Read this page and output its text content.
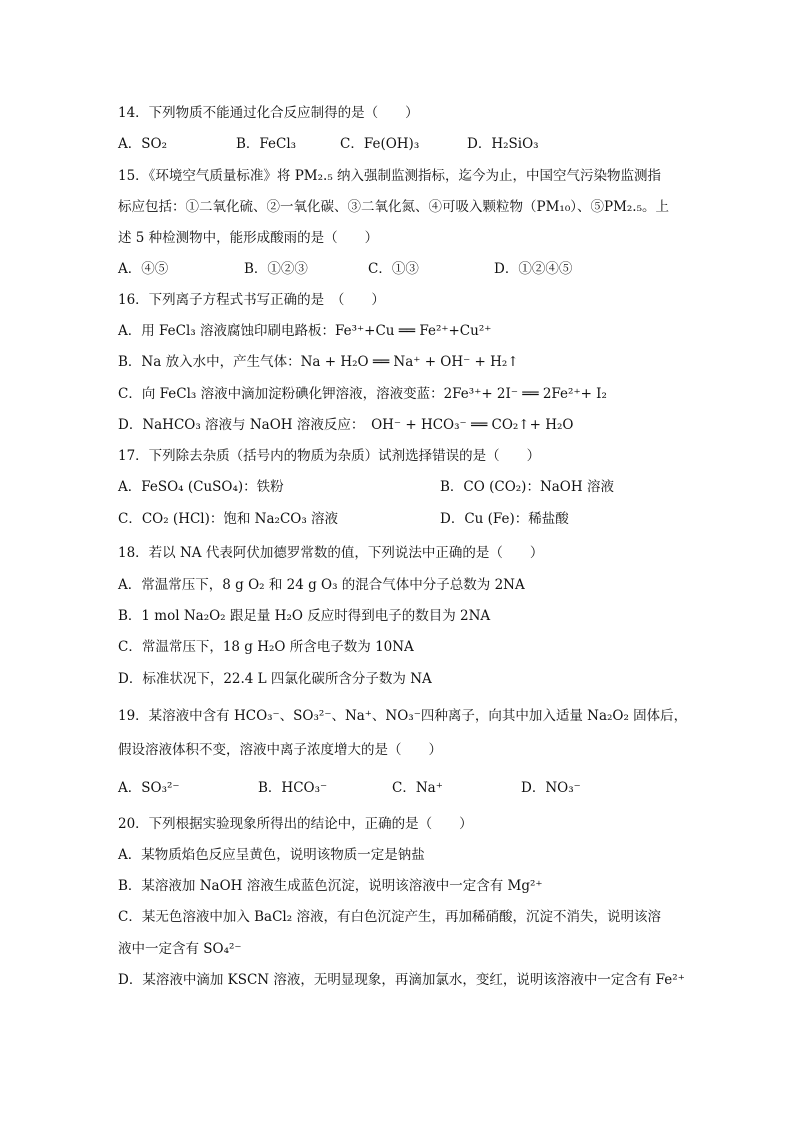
14．下列物质不能通过化合反应制得的是（　　）
A．SO₂	B．FeCl₃	C．Fe(OH)₃	D．H₂SiO₃
15．《环境空气质量标准》将 PM₂.₅ 纳入强制监测指标，迄今为止，中国空气污染物监测指
标应包括：①二氧化硫、②一氧化碳、③二氧化氮、④可吸入颗粒物（PM₁₀）、⑤PM₂.₅。上
述 5 种检测物中，能形成酸雨的是（　　）
A．④⑤	B．①②③	C．①③	D．①②④⑤
16．下列离子方程式书写正确的是　（　　）
A．用 FeCl₃ 溶液腐蚀印刷电路板：Fe³⁺+Cu ══ Fe²⁺+Cu²⁺
B．Na 放入水中，产生气体：Na + H₂O ══ Na⁺ + OH⁻ + H₂↑
C．向 FeCl₃ 溶液中滴加淀粉碘化钾溶液，溶液变蓝：2Fe³⁺+ 2I⁻ ══ 2Fe²⁺+ I₂
D．NaHCO₃ 溶液与 NaOH 溶液反应：　OH⁻ + HCO₃⁻ ══ CO₂↑+ H₂O
17．下列除去杂质（括号内的物质为杂质）试剂选择错误的是（　　）
A．FeSO₄ (CuSO₄)：铁粉	B．CO (CO₂)：NaOH 溶液
C．CO₂ (HCl)：饱和 Na₂CO₃ 溶液	D．Cu (Fe)：稀盐酸
18．若以 NA 代表阿伏加德罗常数的值，下列说法中正确的是（　　）
A．常温常压下，8 g O₂ 和 24 g O₃ 的混合气体中分子总数为 2NA
B．1 mol Na₂O₂ 跟足量 H₂O 反应时得到电子的数目为 2NA
C．常温常压下，18 g H₂O 所含电子数为 10NA
D．标准状况下，22.4 L 四氯化碳所含分子数为 NA
19．某溶液中含有 HCO₃⁻、SO₃²⁻、Na⁺、NO₃⁻四种离子，向其中加入适量 Na₂O₂ 固体后，
假设溶液体积不变，溶液中离子浓度增大的是（　　）
A．SO₃²⁻	B．HCO₃⁻	C．Na⁺	D．NO₃⁻
20．下列根据实验现象所得出的结论中，正确的是（　　）
A．某物质焰色反应呈黄色，说明该物质一定是钠盐
B．某溶液加 NaOH 溶液生成蓝色沉淀，说明该溶液中一定含有 Mg²⁺
C．某无色溶液中加入 BaCl₂ 溶液，有白色沉淀产生，再加稀硝酸，沉淀不消失，说明该溶
液中一定含有 SO₄²⁻
D．某溶液中滴加 KSCN 溶液，无明显现象，再滴加氯水，变红，说明该溶液中一定含有 Fe²⁺
